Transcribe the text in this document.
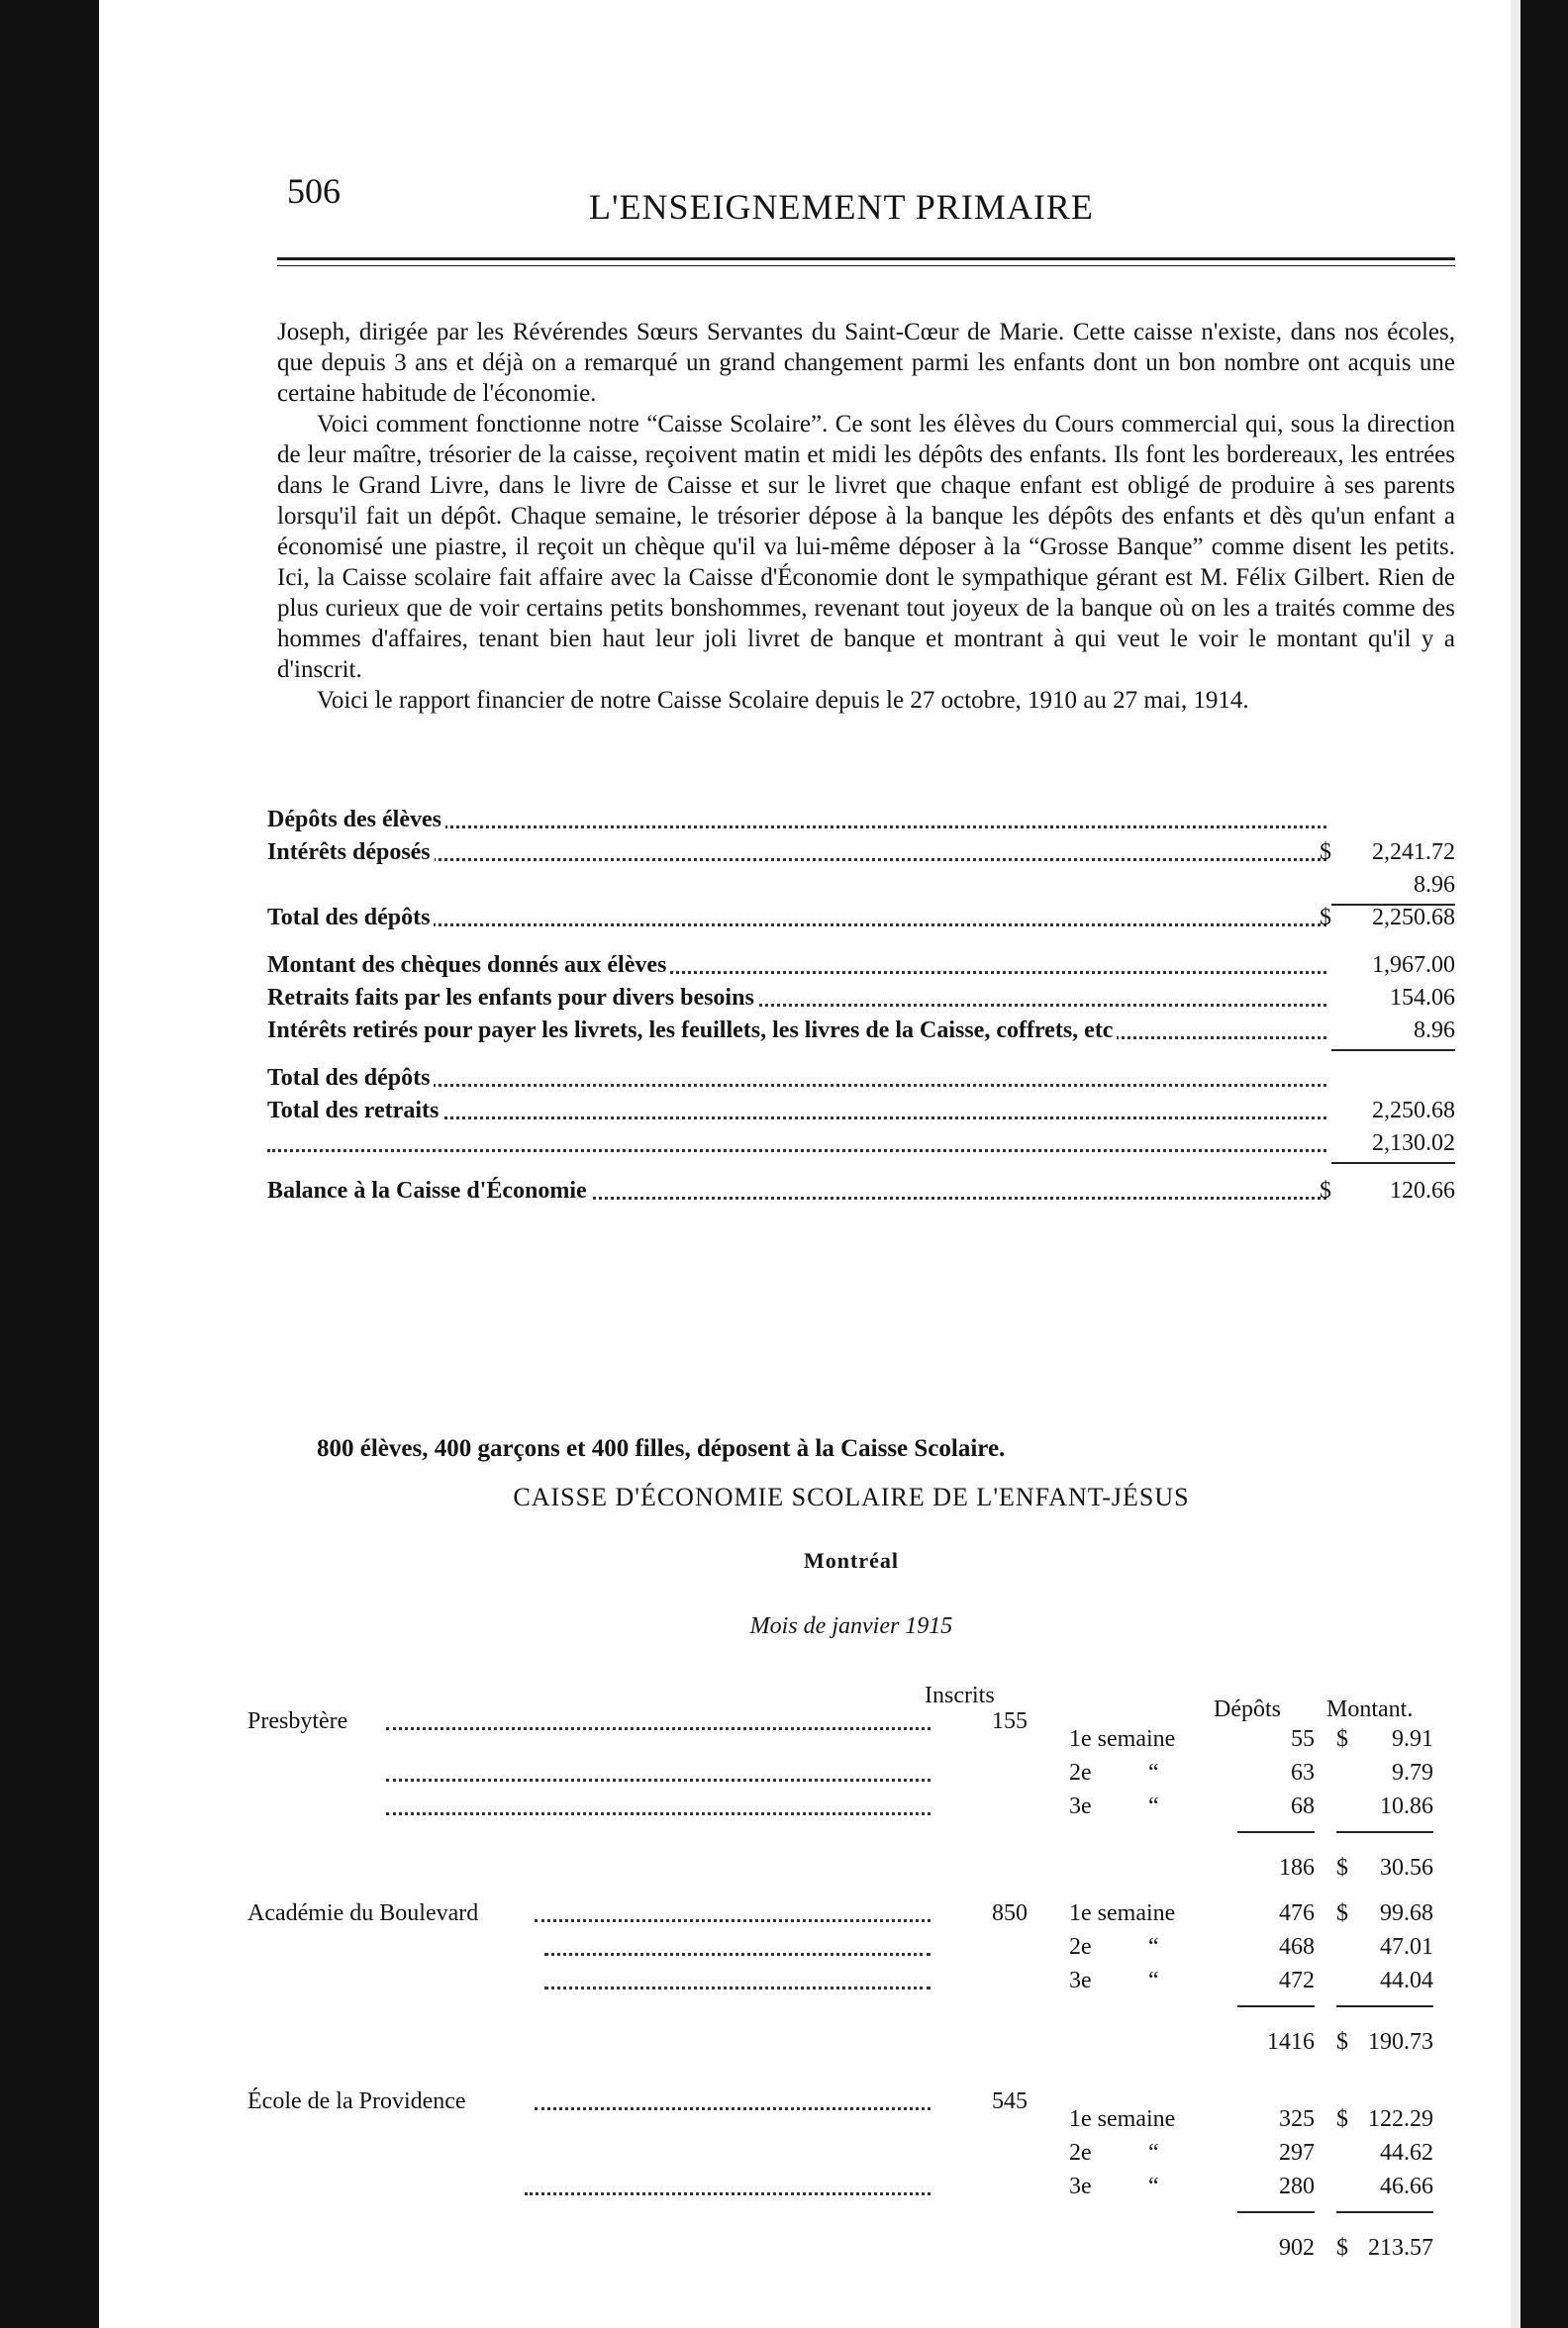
506	L'ENSEIGNEMENT PRIMAIRE

Joseph, dirigée par les Révérendes Sœurs Servantes du Saint-Cœur de Marie. Cette caisse n'existe, dans nos écoles, que depuis 3 ans et déjà on a remarqué un grand changement parmi les enfants dont un bon nombre ont acquis une certaine habitude de l'économie.

Voici comment fonctionne notre “Caisse Scolaire”. Ce sont les élèves du Cours commercial qui, sous la direction de leur maître, trésorier de la caisse, reçoivent matin et midi les dépôts des enfants. Ils font les bordereaux, les entrées dans le Grand Livre, dans le livre de Caisse et sur le livret que chaque enfant est obligé de produire à ses parents lorsqu'il fait un dépôt. Chaque semaine, le trésorier dépose à la banque les dépôts des enfants et dès qu'un enfant a économisé une piastre, il reçoit un chèque qu'il va lui-même déposer à la “Grosse Banque” comme disent les petits. Ici, la Caisse scolaire fait affaire avec la Caisse d'Économie dont le sympathique gérant est M. Félix Gilbert. Rien de plus curieux que de voir certains petits bonshommes, revenant tout joyeux de la banque où on les a traités comme des hommes d'affaires, tenant bien haut leur joli livret de banque et montrant à qui veut le voir le montant qu'il y a d'inscrit.

Voici le rapport financier de notre Caisse Scolaire depuis le 27 octobre, 1910 au 27 mai, 1914.

Dépôts des élèves
Intérêts déposés	$	2,241.72
8.96
Total des dépôts	$	2,250.68
Montant des chèques donnés aux élèves	1,967.00
Retraits faits par les enfants pour divers besoins	154.06
Intérêts retirés pour payer les livrets, les feuillets, les livres de la Caisse, coffrets, etc	8.96
Total des dépôts
Total des retraits	2,250.68
2,130.02
Balance à la Caisse d'Économie	$	120.66
800 élèves, 400 garçons et 400 filles, déposent à la Caisse Scolaire.
CAISSE D'ÉCONOMIE SCOLAIRE DE L'ENFANT-JÉSUS
Montréal
Mois de janvier 1915
Inscrits
Dépôts Montant.
Presbytère	155
1e semaine	55 $	9.91
2e “	63	9.79
3e “	68	10.86
186 $	30.56
Académie du Boulevard	850 1e semaine	476 $	99.68
2e “	468	47.01
3e “	472	44.04
1416 $ 190.73
École de la Providence	545
1e semaine	325 $ 122.29
2e “	297	44.62
3e “	280	46.66
902 $ 213.57
